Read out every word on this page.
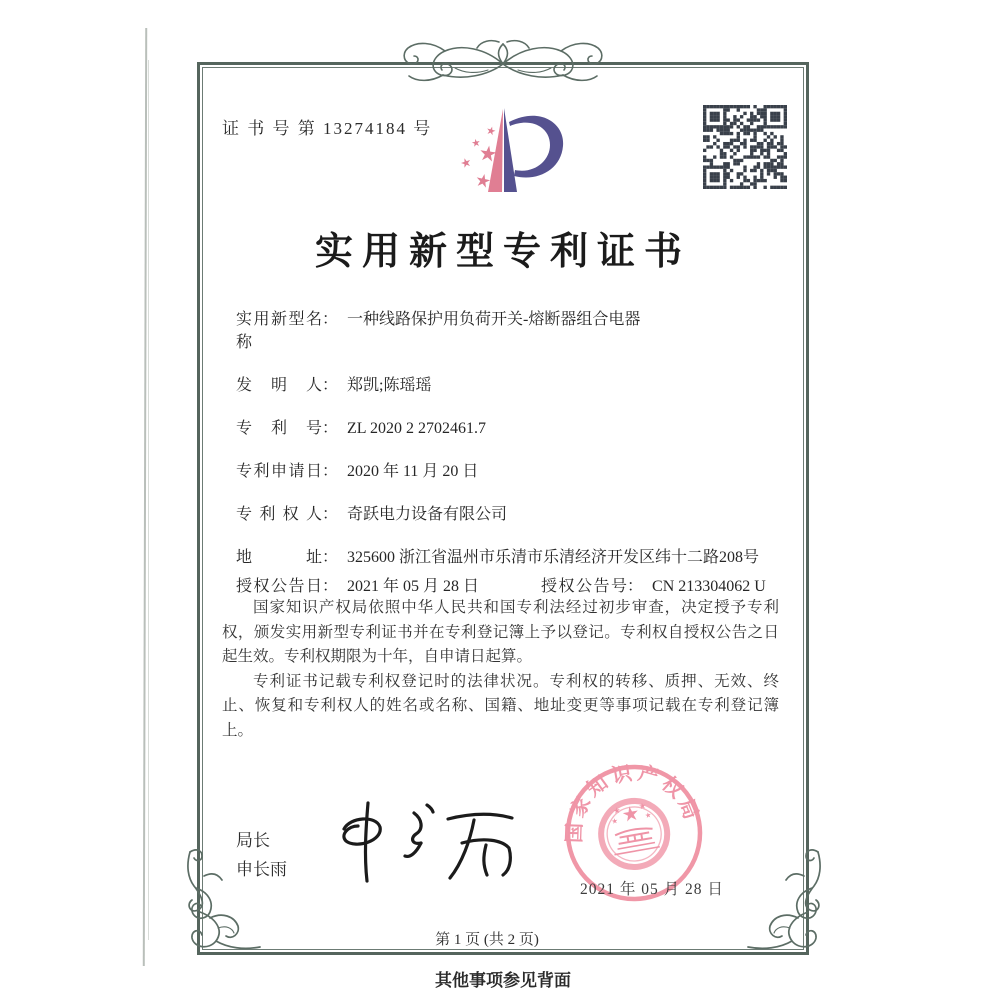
证 书 号 第 13274184 号
实用新型专利证书
实用新型名称
： 一种线路保护用负荷开关-熔断器组合电器
发明人 ： 郑凯;陈瑶瑶
专利号 ： ZL 2020 2 2702461.7
专利申请日 ： 2020 年 11 月 20 日
专利权人 ： 奇跃电力设备有限公司
地址 ： 325600 浙江省温州市乐清市乐清经济开发区纬十二路208号
授权公告日 ： 2021 年 05 月 28 日	授权公告号 ： CN 213304062 U

国家知识产权局依照中华人民共和国专利法经过初步审查，决定授予专利权，颁发实用新型专利证书并在专利登记簿上予以登记。专利权自授权公告之日起生效。专利权期限为十年，自申请日起算。

专利证书记载专利权登记时的法律状况。专利权的转移、质押、无效、终止、恢复和专利权人的姓名或名称、国籍、地址变更等事项记载在专利登记簿上。

局长
申长雨
国家知识产权局
2021 年 05 月 28 日
第 1 页 (共 2 页)
其他事项参见背面
